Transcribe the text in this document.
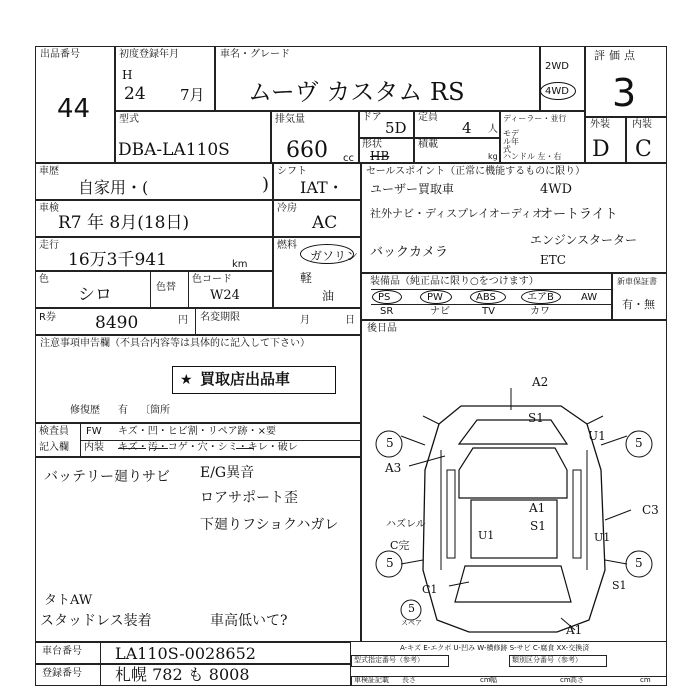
出品番号
44
初度登録年月
H
24 7月
車名・グレード
ムーヴ カスタム RS
2WD
4WD
評価点
3
型式
DBA-LA110S
排気量
660 cc
ドア
5D
定員
4 人
ディーラー・並行
モデル年式
ハンドル 左・右
形状
HB
積載
kg
外装
D
内装
C
車歴
自家用・(	)
シフト
IAT・
車検
R7 年 8月(18日)
冷房
AC
走行
16万3千941	km
燃料
ガソリン
軽
油
色
シロ	色替
色コード
W24
R券 8490	円 名変期限	月	日
セールスポイント（正常に機能するものに限り）
ユーザー買取車	4WD
社外ナビ・ディスプレイオーディオ
オートライト
バックカメラ
エンジンスターター
ETC
装備品（純正品に限り○をつけます）
PS	PW	ABS	エアB	AW
SR	ナビ	TV	カワ
新車保証書
有・無
後日品
注意事項申告欄（不具合内容等は具体的に記入して下さい）
★ 買取店出品車
修復歴 有 〔箇所
検査員
記入欄
FW キズ・凹・ヒビ割・リペア跡・×要
内装 キズ・汚・コゲ・穴・シミ・キレ・破レ
バッテリー廻りサビ E/G異音
ロアサポート歪
下廻りフショクハガレ
タトAW
スタッドレス装着	車高低いて?
A2
S1
U1
A3
A1
S1
C3
U1	U1
C1
A1
S1
ハズレル
C完
5	5
5	5
5
スペア
A-キズ E-エクボ U-凹み W-横修跡 S-サビ C-腐食 XX-交換済
車台番号 LA110S-0028652
登録番号 札幌 782 も 8008
型式指定番号（参考）	類別区分番号（参考）
車検証記載 長さ	幅	高さ
cm	cm	cm
